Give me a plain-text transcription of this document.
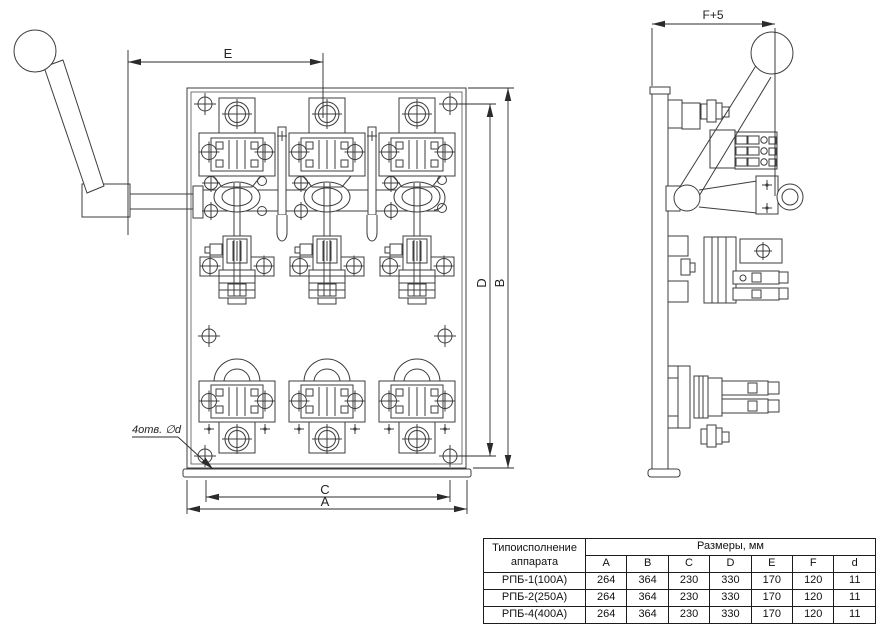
E
D B
C
A
F+5
4отв. ∅d
Типоисполнение аппарата	Размеры, мм						
	A	B	C	D	E	F	d
РПБ-1(100А)	264	364	230	330	170	120	11
РПБ-2(250А)	264	364	230	330	170	120	11
РПБ-4(400А)	264	364	230	330	170	120	11
